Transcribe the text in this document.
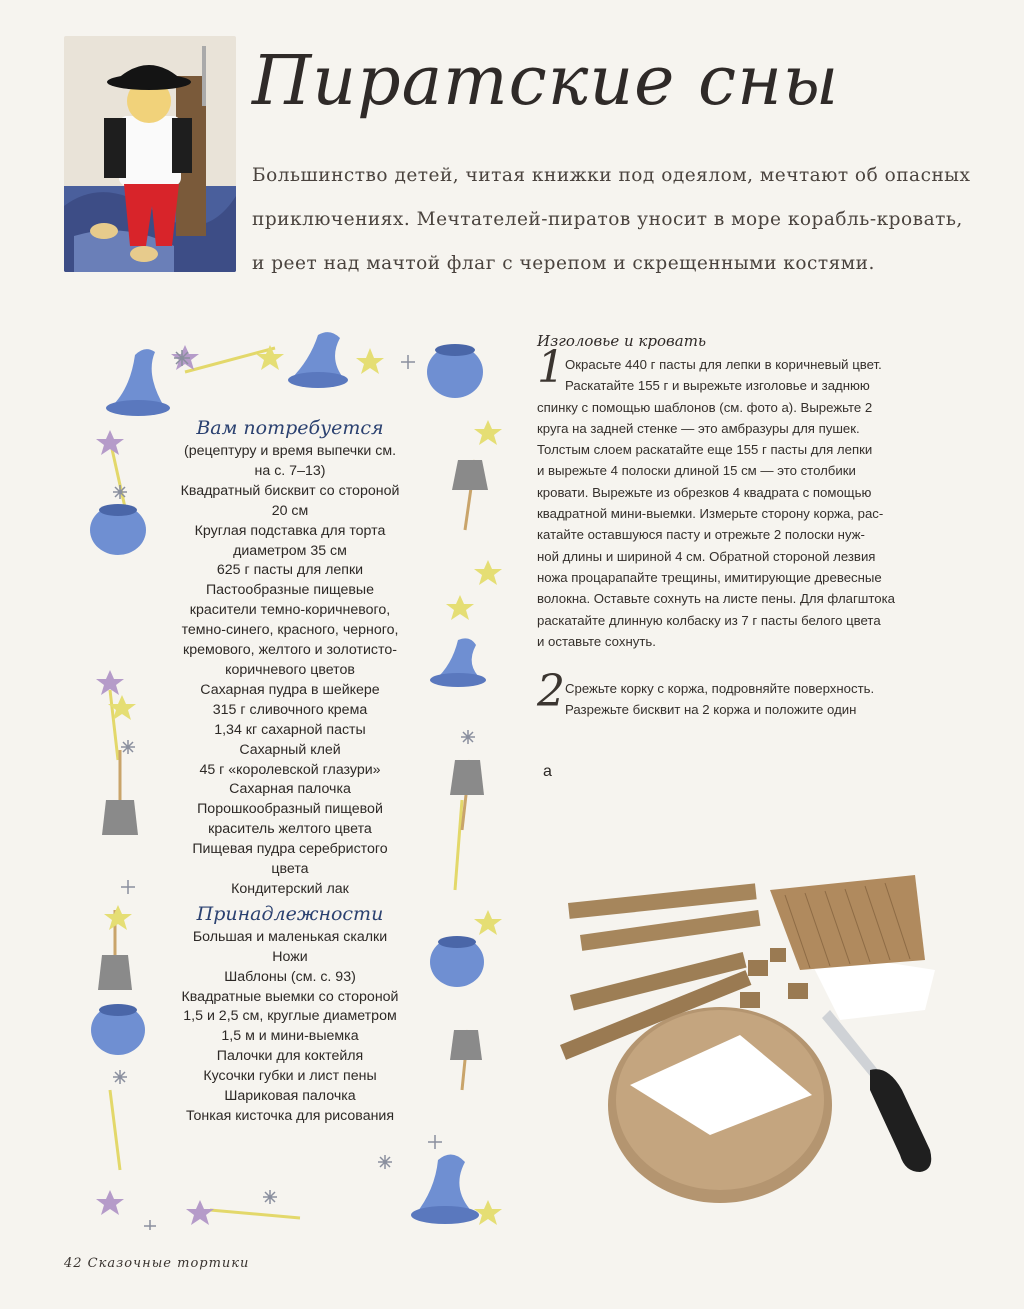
Пиратские сны
Большинство детей, читая книжки под одеялом, мечтают об опасных
приключениях. Мечтателей-пиратов уносит в море корабль-кровать,
и реет над мачтой флаг с черепом и скрещенными костями.
Вам потребуется
(рецептуру и время выпечки см.
на с. 7–13)
Квадратный бисквит со стороной
20 см
Круглая подставка для торта
диаметром 35 см
625 г пасты для лепки
Пастообразные пищевые
красители темно-коричневого,
темно-синего, красного, черного,
кремового, желтого и золотисто-
коричневого цветов
Сахарная пудра в шейкере
315 г сливочного крема
1,34 кг сахарной пасты
Сахарный клей
45 г «королевской глазури»
Сахарная палочка
Порошкообразный пищевой
краситель желтого цвета
Пищевая пудра серебристого
цвета
Кондитерский лак
Принадлежности
Большая и маленькая скалки
Ножи
Шаблоны (см. с. 93)
Квадратные выемки со стороной
1,5 и 2,5 см, круглые диаметром
1,5 м и мини-выемка
Палочки для коктейля
Кусочки губки и лист пены
Шариковая палочка
Тонкая кисточка для рисования
Изголовье и кровать
1 Окрасьте 440 г пасты для лепки в коричневый цвет.
Раскатайте 155 г и вырежьте изголовье и заднюю
спинку с помощью шаблонов (см. фото а). Вырежьте 2
круга на задней стенке — это амбразуры для пушек.
Толстым слоем раскатайте еще 155 г пасты для лепки
и вырежьте 4 полоски длиной 15 см — это столбики
кровати. Вырежьте из обрезков 4 квадрата с помощью
квадратной мини-выемки. Измерьте сторону коржа, рас-
катайте оставшуюся пасту и отрежьте 2 полоски нуж-
ной длины и шириной 4 см. Обратной стороной лезвия
ножа процарапайте трещины, имитирующие древесные
волокна. Оставьте сохнуть на листе пены. Для флагштока
раскатайте длинную колбаску из 7 г пасты белого цвета
и оставьте сохнуть.
2 Срежьте корку с коржа, подровняйте поверхность.
Разрежьте бисквит на 2 коржа и положите один
а
42 Сказочные тортики
